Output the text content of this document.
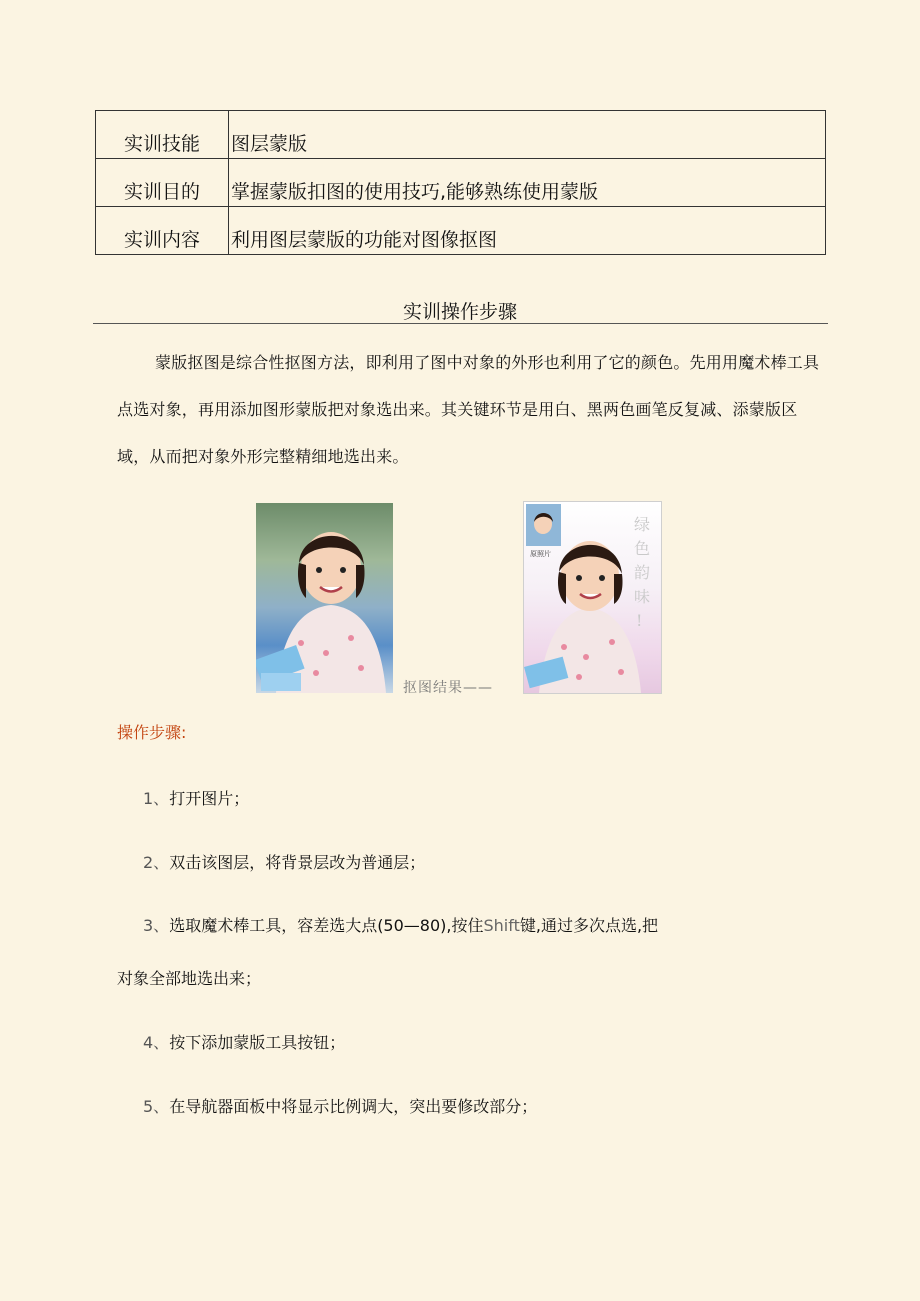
实训技能	图层蒙版
实训目的	掌握蒙版扣图的使用技巧,能够熟练使用蒙版
实训内容	利用图层蒙版的功能对图像抠图
实训操作步骤

蒙版抠图是综合性抠图方法，即利用了图中对象的外形也利用了它的颜色。先用用魔术棒工具点选对象，再用添加图形蒙版把对象选出来。其关键环节是用白、黑两色画笔反复减、添蒙版区域，从而把对象外形完整精细地选出来。

原照片
绿
色
韵
味
!
抠图结果——
操作步骤:
1、打开图片；
2、双击该图层，将背景层改为普通层；
3、选取魔术棒工具，容差选大点(50—80),按住Shift键,通过多次点选,把
对象全部地选出来；
4、按下添加蒙版工具按钮；
5、在导航器面板中将显示比例调大，突出要修改部分；
